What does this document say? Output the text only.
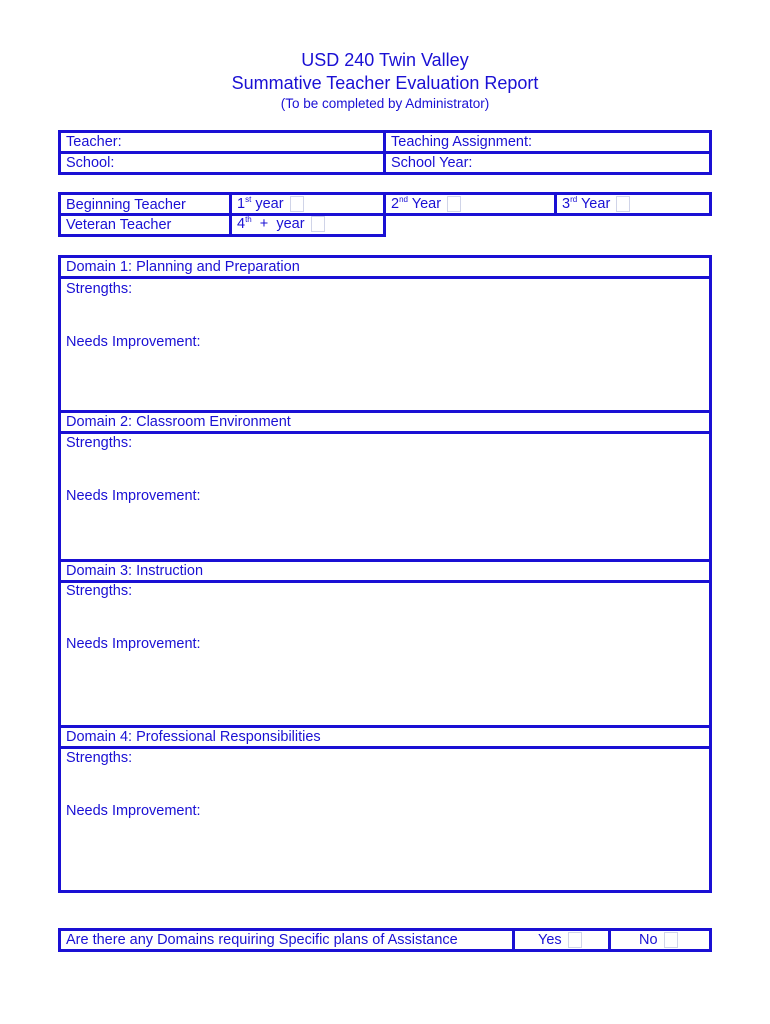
USD 240 Twin Valley
Summative Teacher Evaluation Report
(To be completed by Administrator)
Teacher:	Teaching Assignment:
School:	School Year:
Beginning Teacher	1st year	2nd Year	3rd Year
Veteran Teacher	4th  +  year
Domain 1: Planning and Preparation
Strengths:
Needs Improvement:
Domain 2: Classroom Environment
Strengths:
Needs Improvement:
Domain 3: Instruction
Strengths:
Needs Improvement:
Domain 4: Professional Responsibilities
Strengths:
Needs Improvement:
Are there any Domains requiring Specific plans of Assistance	Yes	No
